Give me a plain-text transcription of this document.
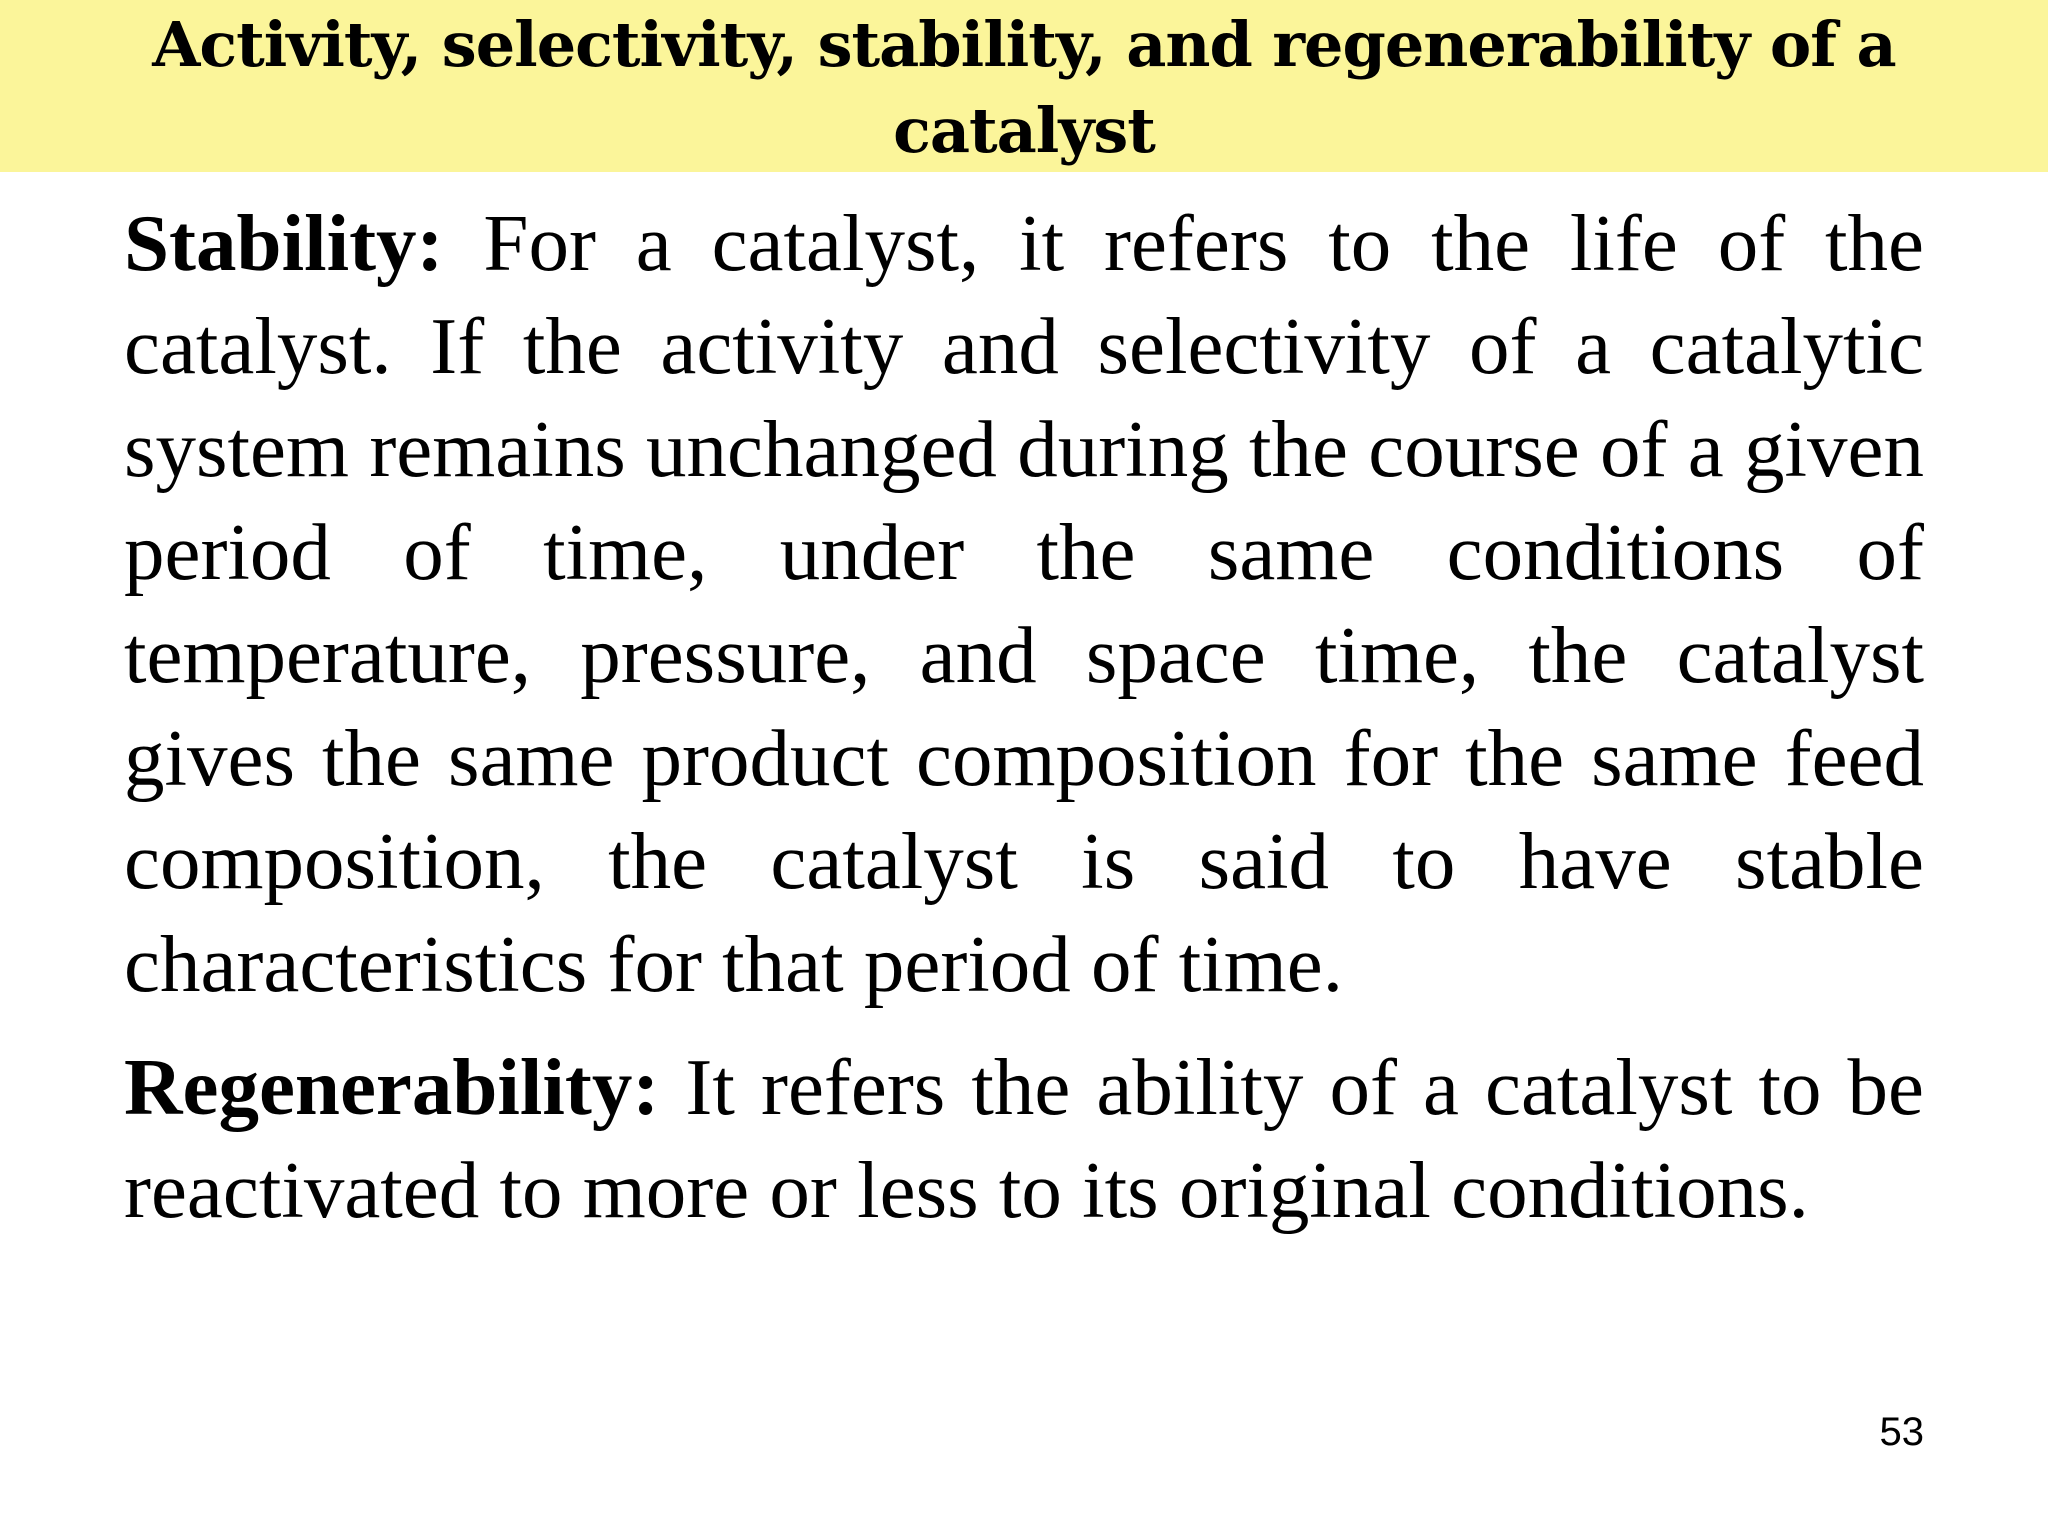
Activity, selectivity, stability, and regenerability of a catalyst

Stability: For a catalyst, it refers to the life of the catalyst. If the activity and selectivity of a catalytic system remains unchanged during the course of a given period of time, under the same conditions of temperature, pressure, and space time, the catalyst gives the same product composition for the same feed composition, the catalyst is said to have stable characteristics for that period of time.

Regenerability: It refers the ability of a catalyst to be reactivated to more or less to its original conditions.

53
